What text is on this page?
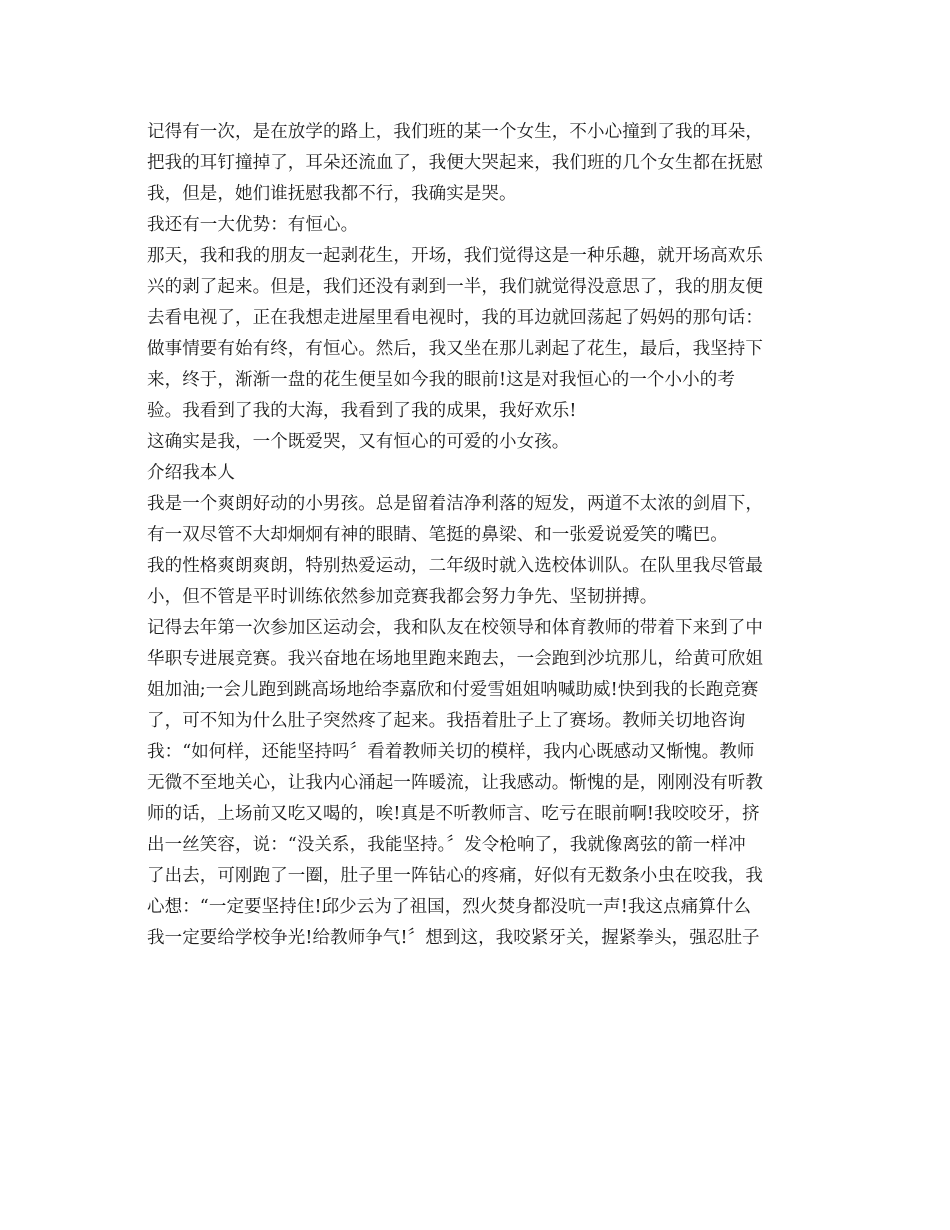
记得有一次，是在放学的路上，我们班的某一个女生，不小心撞到了我的耳朵，
把我的耳钉撞掉了，耳朵还流血了，我便大哭起来，我们班的几个女生都在抚慰
我，但是，她们谁抚慰我都不行，我确实是哭。
我还有一大优势：有恒心。
那天，我和我的朋友一起剥花生，开场，我们觉得这是一种乐趣，就开场高欢乐
兴的剥了起来。但是，我们还没有剥到一半，我们就觉得没意思了，我的朋友便
去看电视了，正在我想走进屋里看电视时，我的耳边就回荡起了妈妈的那句话：
做事情要有始有终，有恒心。然后，我又坐在那儿剥起了花生，最后，我坚持下
来，终于，渐渐一盘的花生便呈如今我的眼前!这是对我恒心的一个小小的考
验。我看到了我的大海，我看到了我的成果，我好欢乐!
这确实是我，一个既爱哭，又有恒心的可爱的小女孩。
介绍我本人
我是一个爽朗好动的小男孩。总是留着洁净利落的短发，两道不太浓的剑眉下，
有一双尽管不大却炯炯有神的眼睛、笔挺的鼻梁、和一张爱说爱笑的嘴巴。
我的性格爽朗爽朗，特别热爱运动，二年级时就入选校体训队。在队里我尽管最
小，但不管是平时训练依然参加竞赛我都会努力争先、坚韧拼搏。
记得去年第一次参加区运动会，我和队友在校领导和体育教师的带着下来到了中
华职专进展竞赛。我兴奋地在场地里跑来跑去，一会跑到沙坑那儿，给黄可欣姐
姐加油;一会儿跑到跳高场地给李嘉欣和付爱雪姐姐呐喊助威!快到我的长跑竞赛
了，可不知为什么肚子突然疼了起来。我捂着肚子上了赛场。教师关切地咨询
我：“如何样，还能坚持吗〞看着教师关切的模样，我内心既感动又惭愧。教师
无微不至地关心，让我内心涌起一阵暖流，让我感动。惭愧的是，刚刚没有听教
师的话，上场前又吃又喝的，唉!真是不听教师言、吃亏在眼前啊!我咬咬牙，挤
出一丝笑容，说：“没关系，我能坚持。〞发令枪响了，我就像离弦的箭一样冲
了出去，可刚跑了一圈，肚子里一阵钻心的疼痛，好似有无数条小虫在咬我，我
心想：“一定要坚持住!邱少云为了祖国，烈火焚身都没吭一声!我这点痛算什么
我一定要给学校争光!给教师争气!〞想到这，我咬紧牙关，握紧拳头，强忍肚子
